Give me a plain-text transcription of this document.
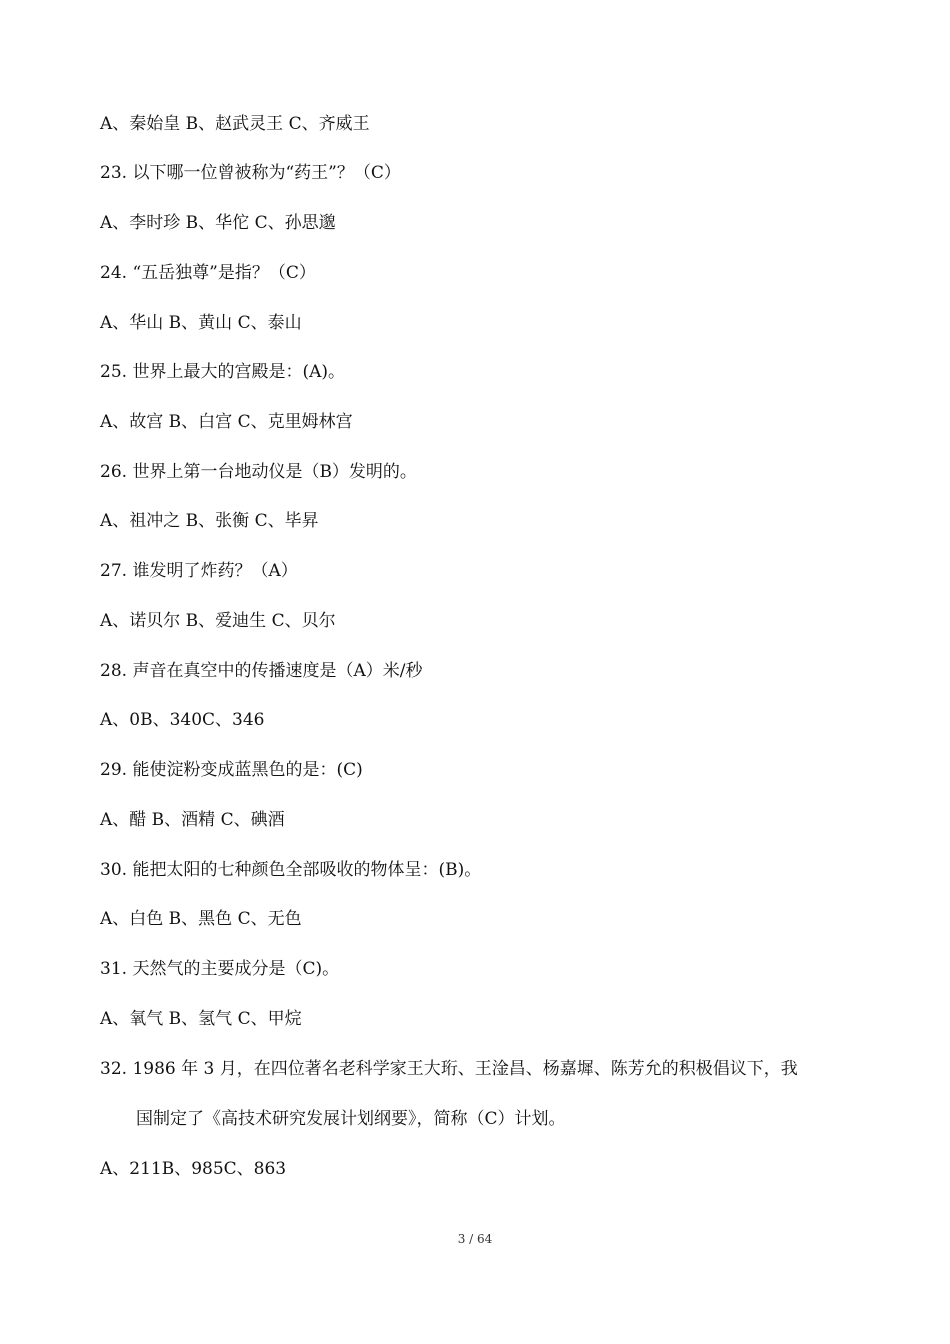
A、秦始皇 B、赵武灵王 C、齐威王
23. 以下哪一位曾被称为“药王”？（C）
A、李时珍 B、华佗 C、孙思邈
24. “五岳独尊”是指？（C）
A、华山 B、黄山 C、泰山
25. 世界上最大的宫殿是：(A)。
A、故宫 B、白宫 C、克里姆林宫
26. 世界上第一台地动仪是（B）发明的。
A、祖冲之 B、张衡 C、毕昇
27. 谁发明了炸药？（A）
A、诺贝尔 B、爱迪生 C、贝尔
28. 声音在真空中的传播速度是（A）米/秒
A、0B、340C、346
29. 能使淀粉变成蓝黑色的是：(C)
A、醋 B、酒精 C、碘酒
30. 能把太阳的七种颜色全部吸收的物体呈：(B)。
A、白色 B、黑色 C、无色
31. 天然气的主要成分是（C)。
A、氧气 B、氢气 C、甲烷
32. 1986 年 3 月，在四位著名老科学家王大珩、王淦昌、杨嘉墀、陈芳允的积极倡议下，我
国制定了《高技术研究发展计划纲要》，简称（C）计划。
A、211B、985C、863
3 / 64
